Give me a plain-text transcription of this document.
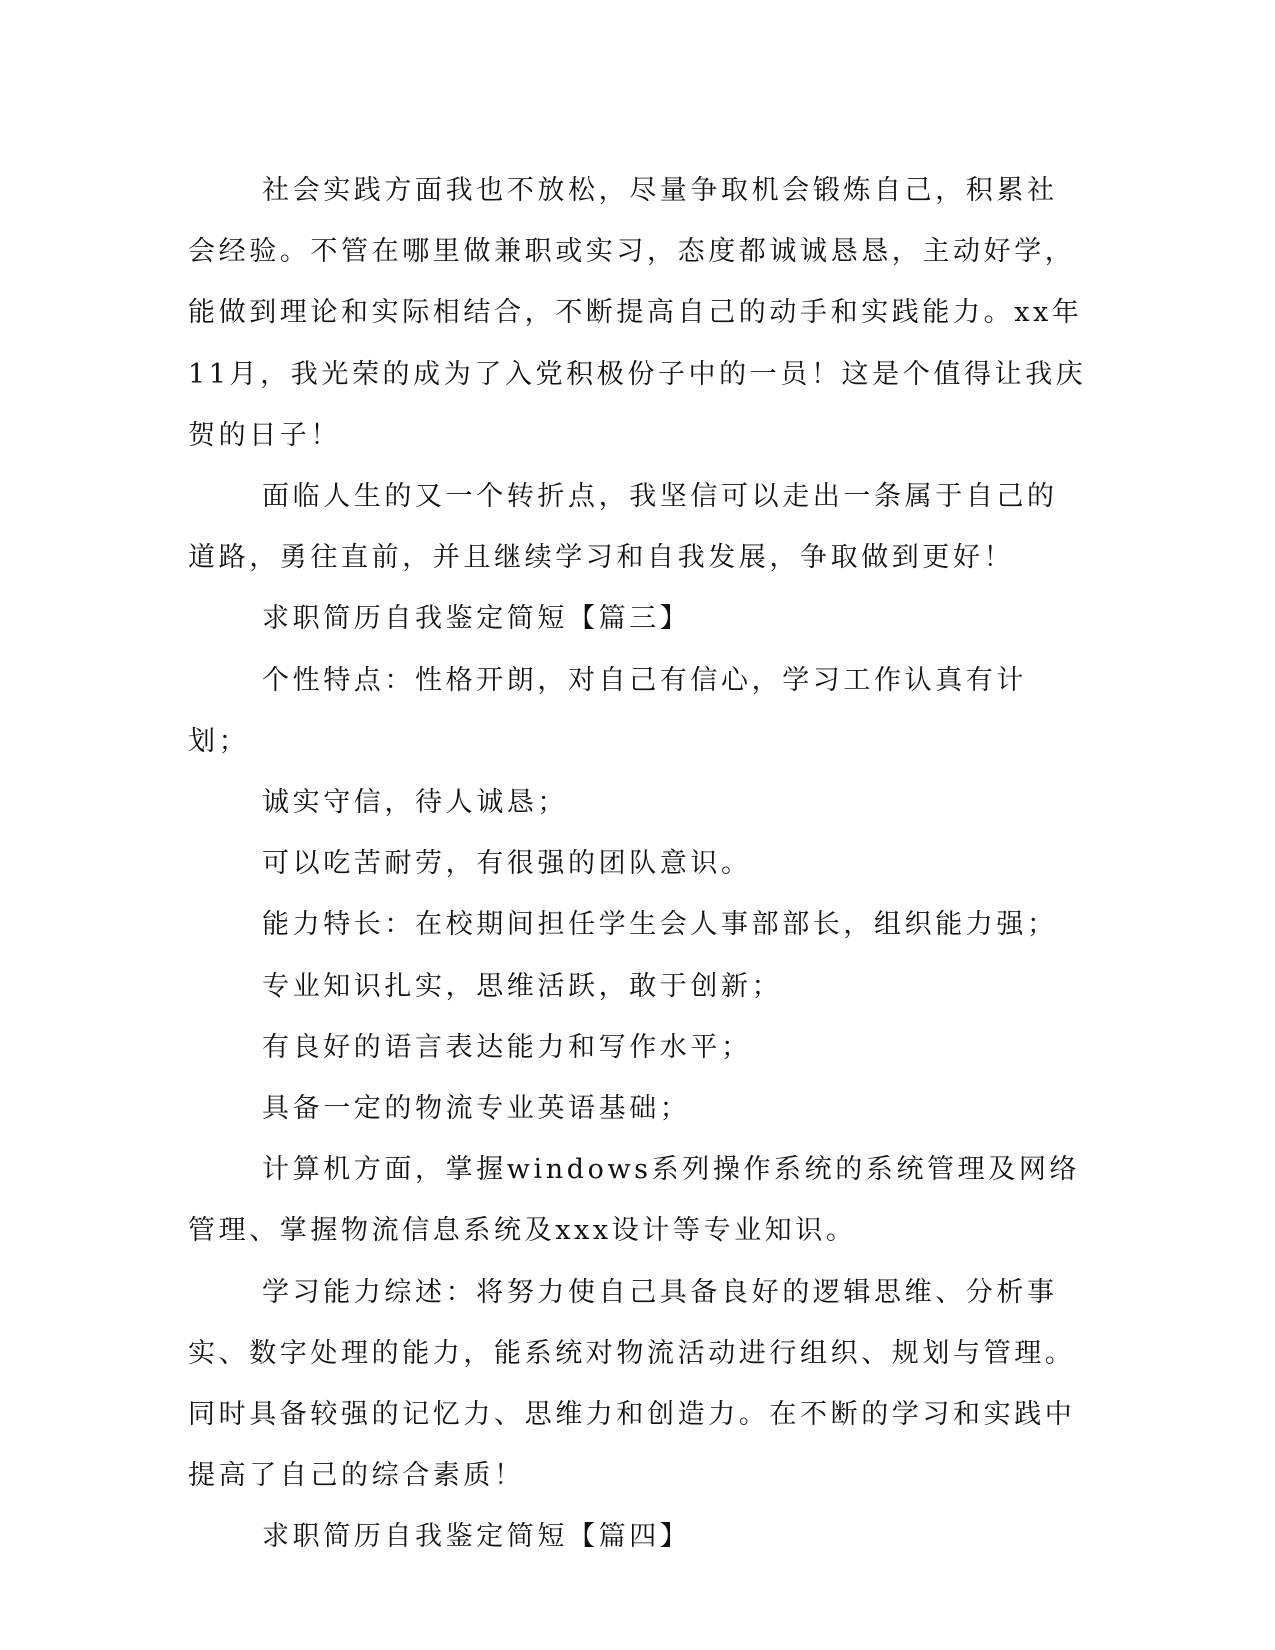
社会实践方面我也不放松，尽量争取机会锻炼自己，积累社会经验。不管在哪里做兼职或实习，态度都诚诚恳恳，主动好学，能做到理论和实际相结合，不断提高自己的动手和实践能力。xx年11月，我光荣的成为了入党积极份子中的一员！这是个值得让我庆贺的日子！

面临人生的又一个转折点，我坚信可以走出一条属于自己的道路，勇往直前，并且继续学习和自我发展，争取做到更好！

求职简历自我鉴定简短【篇三】

个性特点：性格开朗，对自己有信心，学习工作认真有计划；

诚实守信，待人诚恳；

可以吃苦耐劳，有很强的团队意识。

能力特长：在校期间担任学生会人事部部长，组织能力强；

专业知识扎实，思维活跃，敢于创新；

有良好的语言表达能力和写作水平；

具备一定的物流专业英语基础；

计算机方面，掌握windows系列操作系统的系统管理及网络管理、掌握物流信息系统及xxx设计等专业知识。

学习能力综述：将努力使自己具备良好的逻辑思维、分析事实、数字处理的能力，能系统对物流活动进行组织、规划与管理。同时具备较强的记忆力、思维力和创造力。在不断的学习和实践中提高了自己的综合素质！

求职简历自我鉴定简短【篇四】
